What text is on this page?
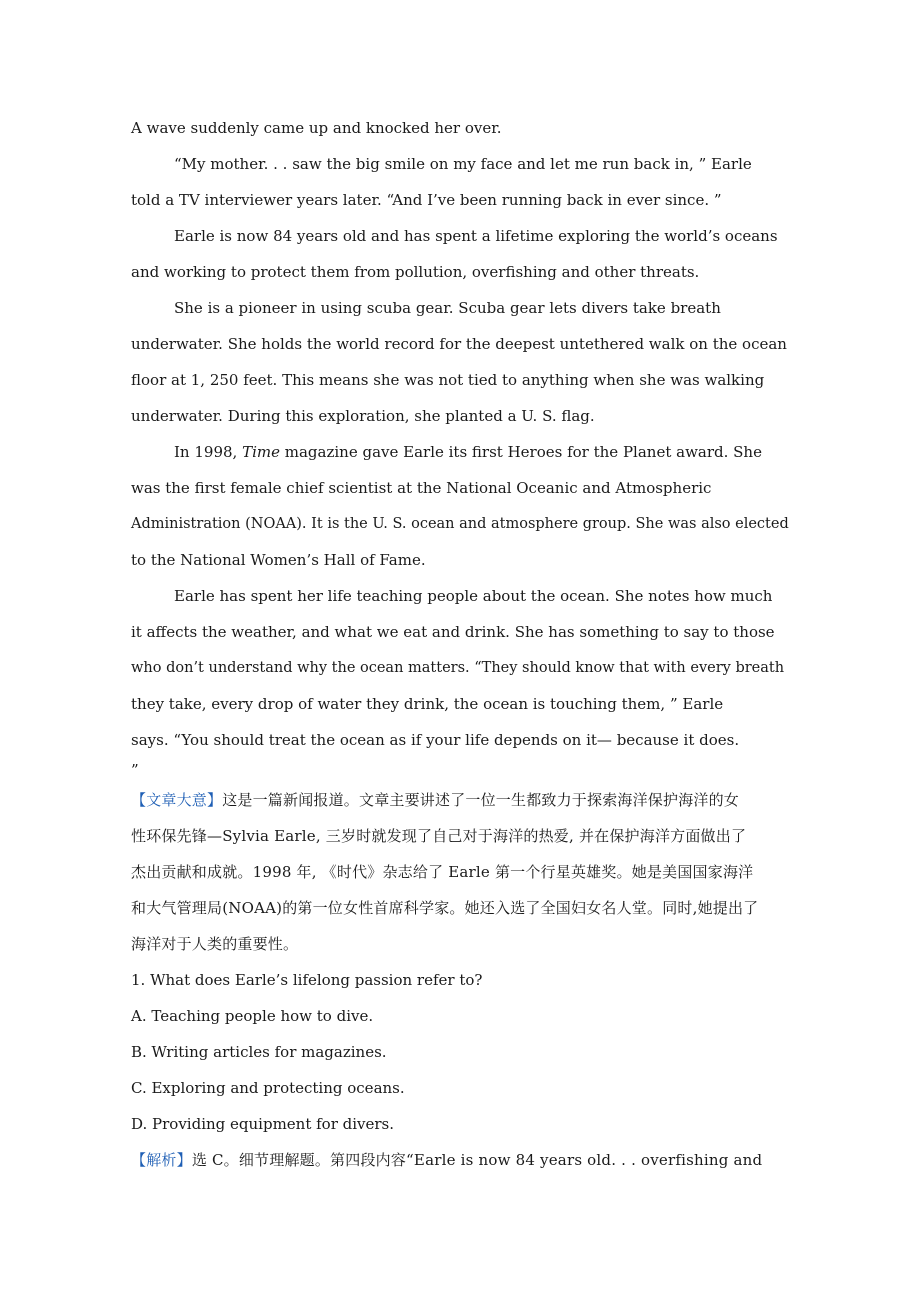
A wave suddenly came up and knocked her over.
“My mother. . . saw the big smile on my face and let me run back in, ” Earle
told a TV interviewer years later. “And I’ve been running back in ever since. ”
Earle is now 84 years old and has spent a lifetime exploring the world’s oceans
and working to protect them from pollution, overfishing and other threats.
She is a pioneer in using scuba gear. Scuba gear lets divers take breath
underwater. She holds the world record for the deepest untethered walk on the ocean
floor at 1, 250 feet. This means she was not tied to anything when she was walking
underwater. During this exploration, she planted a U. S. flag.
In 1998, Time magazine gave Earle its first Heroes for the Planet award. She
was the first female chief scientist at the National Oceanic and Atmospheric
Administration (NOAA). It is the U. S. ocean and atmosphere group. She was also elected
to the National Women’s Hall of Fame.
Earle has spent her life teaching people about the ocean. She notes how much
it affects the weather, and what we eat and drink. She has something to say to those
who don’t understand why the ocean matters. “They should know that with every breath
they take, every drop of water they drink, the ocean is touching them, ” Earle
says. “You should treat the ocean as if your life depends on it— because it does.
”
【文章大意】这是一篇新闻报道。文章主要讲述了一位一生都致力于探索海洋保护海洋的女
性环保先锋—Sylvia Earle, 三岁时就发现了自己对于海洋的热爱, 并在保护海洋方面做出了
杰出贡献和成就。1998 年, 《时代》杂志给了 Earle 第一个行星英雄奖。她是美国国家海洋
和大气管理局(NOAA)的第一位女性首席科学家。她还入选了全国妇女名人堂。同时,她提出了
海洋对于人类的重要性。
1. What does Earle’s lifelong passion refer to?
A. Teaching people how to dive.
B. Writing articles for magazines.
C. Exploring and protecting oceans.
D. Providing equipment for divers.
【解析】选 C。细节理解题。第四段内容“Earle is now 84 years old. . . overfishing and
